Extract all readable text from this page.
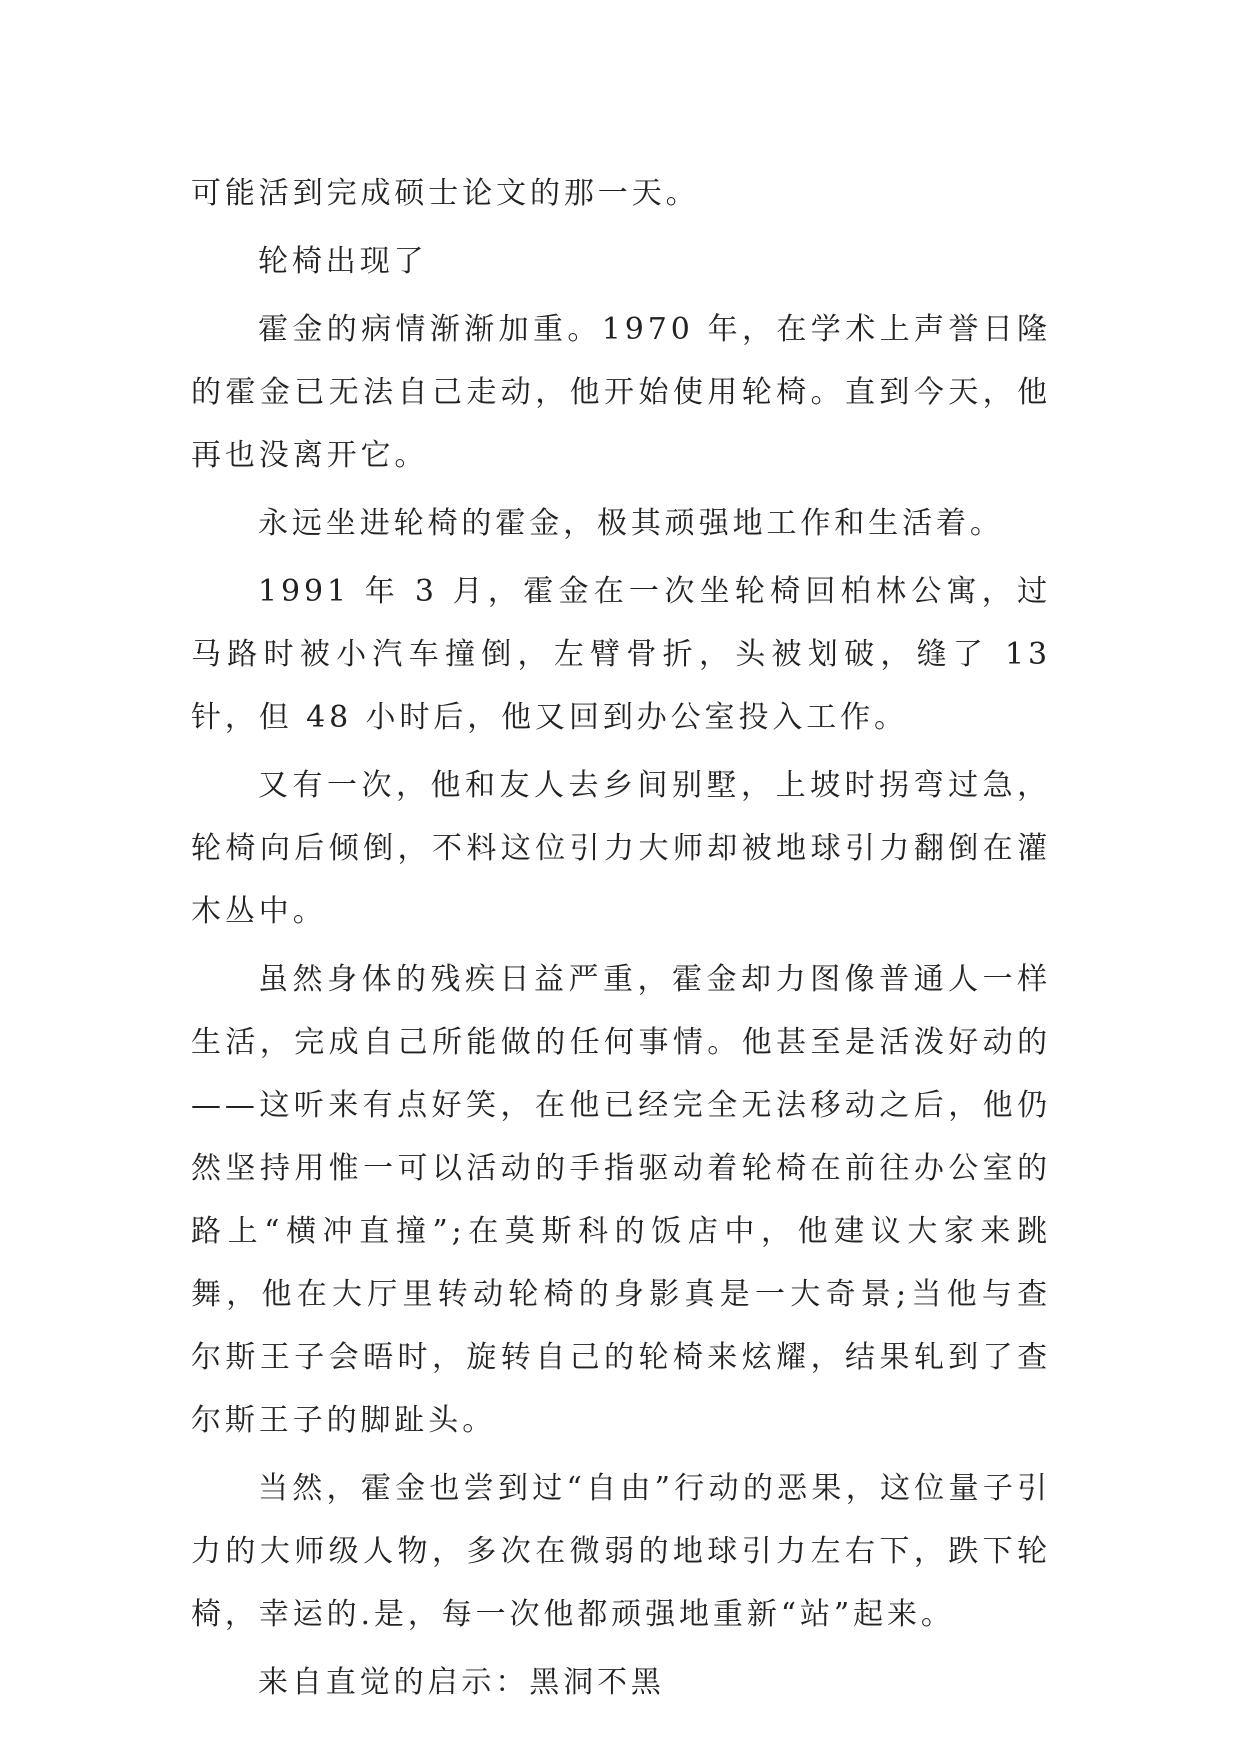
可能活到完成硕士论文的那一天。

轮椅出现了

霍金的病情渐渐加重。1970 年，在学术上声誉日隆的霍金已无法自己走动，他开始使用轮椅。直到今天，他再也没离开它。

永远坐进轮椅的霍金，极其顽强地工作和生活着。

1991 年 3 月，霍金在一次坐轮椅回柏林公寓，过马路时被小汽车撞倒，左臂骨折，头被划破，缝了 13 针，但 48 小时后，他又回到办公室投入工作。

又有一次，他和友人去乡间别墅，上坡时拐弯过急，轮椅向后倾倒，不料这位引力大师却被地球引力翻倒在灌木丛中。

虽然身体的残疾日益严重，霍金却力图像普通人一样生活，完成自己所能做的任何事情。他甚至是活泼好动的——这听来有点好笑，在他已经完全无法移动之后，他仍然坚持用惟一可以活动的手指驱动着轮椅在前往办公室的路上“横冲直撞”;在莫斯科的饭店中，他建议大家来跳舞，他在大厅里转动轮椅的身影真是一大奇景;当他与查尔斯王子会晤时，旋转自己的轮椅来炫耀，结果轧到了查尔斯王子的脚趾头。

当然，霍金也尝到过“自由”行动的恶果，这位量子引力的大师级人物，多次在微弱的地球引力左右下，跌下轮椅，幸运的.是，每一次他都顽强地重新“站”起来。

来自直觉的启示：黑洞不黑
